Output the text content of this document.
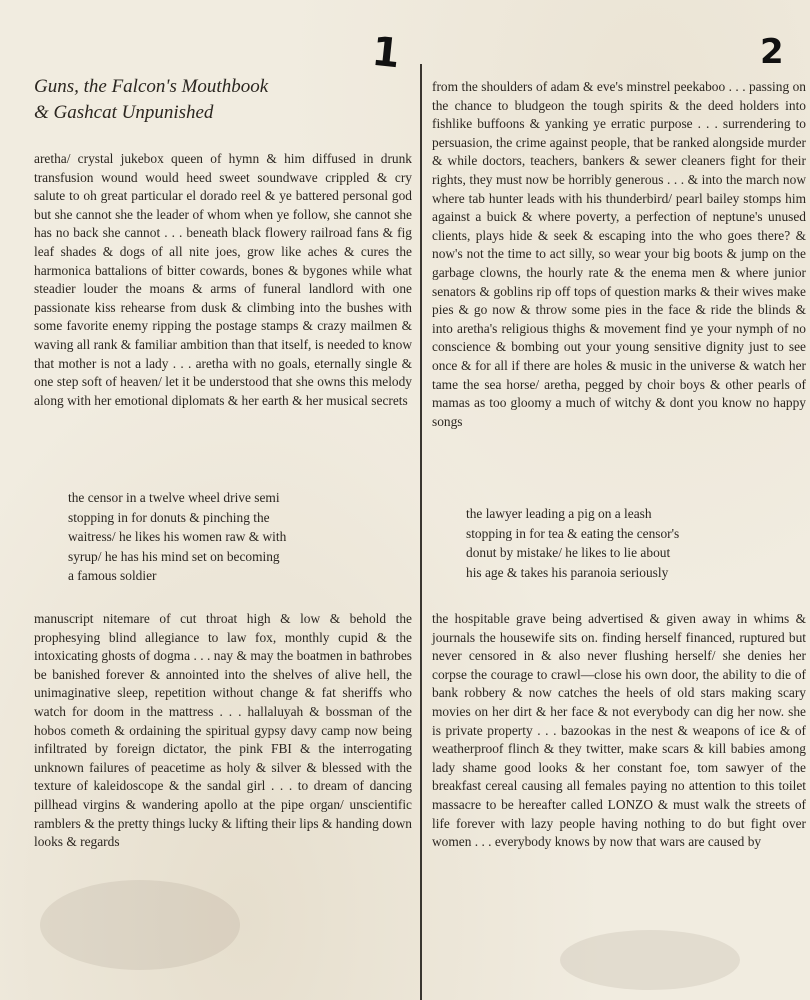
1	2
Guns, the Falcon's Mouthbook
& Gashcat Unpunished

aretha/ crystal jukebox queen of hymn & him diffused in drunk transfusion wound would heed sweet soundwave crippled & cry salute to oh great particular el dorado reel & ye battered personal god but she cannot she the leader of whom when ye follow, she cannot she has no back she cannot . . . beneath black flowery railroad fans & fig leaf shades & dogs of all nite joes, grow like aches & cures the harmonica battalions of bitter cowards, bones & bygones while what steadier louder the moans & arms of funeral landlord with one passionate kiss rehearse from dusk & climbing into the bushes with some favorite enemy ripping the postage stamps & crazy mailmen & waving all rank & familiar ambition than that itself, is needed to know that mother is not a lady . . . aretha with no goals, eternally single & one step soft of heaven/ let it be understood that she owns this melody along with her emotional diplomats & her earth & her musical secrets

the censor in a twelve wheel drive semi
stopping in for donuts & pinching the
waitress/ he likes his women raw & with
syrup/ he has his mind set on becoming
a famous soldier

manuscript nitemare of cut throat high & low & behold the prophesying blind allegiance to law fox, monthly cupid & the intoxicating ghosts of dogma . . . nay & may the boatmen in bathrobes be banished forever & annointed into the shelves of alive hell, the unimaginative sleep, repetition without change & fat sheriffs who watch for doom in the mattress . . . hallaluyah & bossman of the hobos cometh & ordaining the spiritual gypsy davy camp now being infiltrated by foreign dictator, the pink FBI & the interrogating unknown failures of peacetime as holy & silver & blessed with the texture of kaleidoscope & the sandal girl . . . to dream of dancing pillhead virgins & wandering apollo at the pipe organ/ unscientific ramblers & the pretty things lucky & lifting their lips & handing down looks & regards

from the shoulders of adam & eve's minstrel peekaboo . . . passing on the chance to bludgeon the tough spirits & the deed holders into fishlike buffoons & yanking ye erratic purpose . . . surrendering to persuasion, the crime against people, that be ranked alongside murder & while doctors, teachers, bankers & sewer cleaners fight for their rights, they must now be horribly generous . . . & into the march now where tab hunter leads with his thunderbird/ pearl bailey stomps him against a buick & where poverty, a perfection of neptune's unused clients, plays hide & seek & escaping into the who goes there? & now's not the time to act silly, so wear your big boots & jump on the garbage clowns, the hourly rate & the enema men & where junior senators & goblins rip off tops of question marks & their wives make pies & go now & throw some pies in the face & ride the blinds & into aretha's religious thighs & movement find ye your nymph of no conscience & bombing out your young sensitive dignity just to see once & for all if there are holes & music in the universe & watch her tame the sea horse/ aretha, pegged by choir boys & other pearls of mamas as too gloomy a much of witchy & dont you know no happy songs

the lawyer leading a pig on a leash
stopping in for tea & eating the censor's
donut by mistake/ he likes to lie about
his age & takes his paranoia seriously

the hospitable grave being advertised & given away in whims & journals the housewife sits on. finding herself financed, ruptured but never censored in & also never flushing herself/ she denies her corpse the courage to crawl—close his own door, the ability to die of bank robbery & now catches the heels of old stars making scary movies on her dirt & her face & not everybody can dig her now. she is private property . . . bazookas in the nest & weapons of ice & of weatherproof flinch & they twitter, make scars & kill babies among lady shame good looks & her constant foe, tom sawyer of the breakfast cereal causing all females paying no attention to this toilet massacre to be hereafter called LONZO & must walk the streets of life forever with lazy people having nothing to do but fight over women . . . everybody knows by now that wars are caused by
